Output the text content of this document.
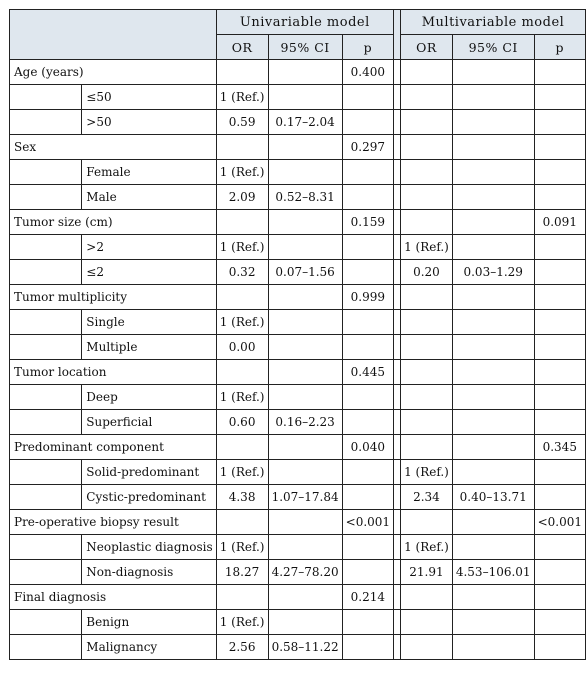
		Univariable model				Multivariable model		
		OR	95% CI	p		OR	95% CI	p
Age (years)				0.400				
	≤50	1 (Ref.)						
	>50	0.59	0.17–2.04					
Sex				0.297				
	Female	1 (Ref.)						
	Male	2.09	0.52–8.31					
Tumor size (cm)				0.159				0.091
	>2	1 (Ref.)				1 (Ref.)		
	≤2	0.32	0.07–1.56			0.20	0.03–1.29	
Tumor multiplicity				0.999				
	Single	1 (Ref.)						
	Multiple	0.00						
Tumor location				0.445				
	Deep	1 (Ref.)						
	Superficial	0.60	0.16–2.23					
Predominant component				0.040				0.345
	Solid-predominant	1 (Ref.)				1 (Ref.)		
	Cystic-predominant	4.38	1.07–17.84			2.34	0.40–13.71	
Pre-operative biopsy result				<0.001				<0.001
	Neoplastic diagnosis	1 (Ref.)				1 (Ref.)		
	Non-diagnosis	18.27	4.27–78.20			21.91	4.53–106.01	
Final diagnosis				0.214				
	Benign	1 (Ref.)						
	Malignancy	2.56	0.58–11.22					
